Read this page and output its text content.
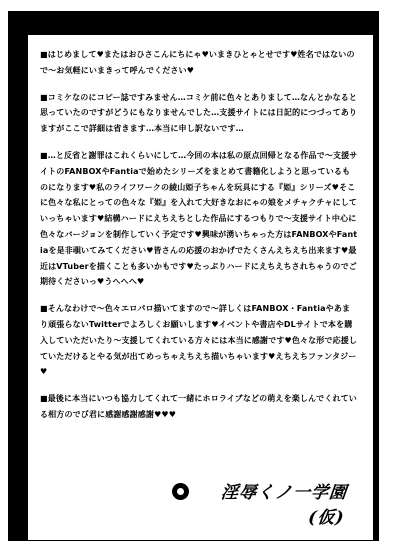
■はじめまして♥またはおひさこんにちにゃ♥いまきひとゃとせです♥姓名ではないので～お気軽にいまきって呼んでください♥

■コミケなのにコピー誌ですみません…コミケ前に色々とありまして…なんとかなると思っていたのですがどうにもなりませんでした…支援サイトには日記的につづってありますがここで詳細は省きます…本当に申し訳ないです…

■…と反省と謝罪はこれくらいにして…今回の本は私の原点回帰となる作品で～支援サイトのFANBOXやFantiaで始めたシリーズをまとめて書籍化しようと思っているものになります♥私のライフワークの綾山姫子ちゃんを玩具にする『姫』シリーズ♥そこに色々な私にとっての色々な『姫』を入れて大好きなおにゃの娘をメチャクチャにしていっちゃいます♥結構ハードにえちえちとした作品にするつもりで～支援サイト中心に色々なバージョンを制作していく予定です♥興味が湧いちゃった方はFANBOXやFantiaを是非覗いてみてください♥皆さんの応援のおかげでたくさんえちえち出来ます♥最近はVTuberを描くことも多いかもです♥たっぷりハードにえちえちされちゃうのでご期待くださいっ♥うへへへ♥

■そんなわけで～色々エロパロ描いてますので～詳しくはFANBOX・Fantiaやあまり頑張らないTwitterでよろしくお願いします♥イベントや書店やDLサイトで本を購入していただいたり～支援してくれている方々には本当に感謝です♥色々な形で応援していただけるとやる気が出てめっちゃえちえち描いちゃいます♥えちえちファンタジー♥

■最後に本当にいつも協力してくれて一緒にホロライブなどの萌えを楽しんでくれている相方のでび君に感謝感謝感謝♥♥♥

淫辱くノ一学園(仮)
